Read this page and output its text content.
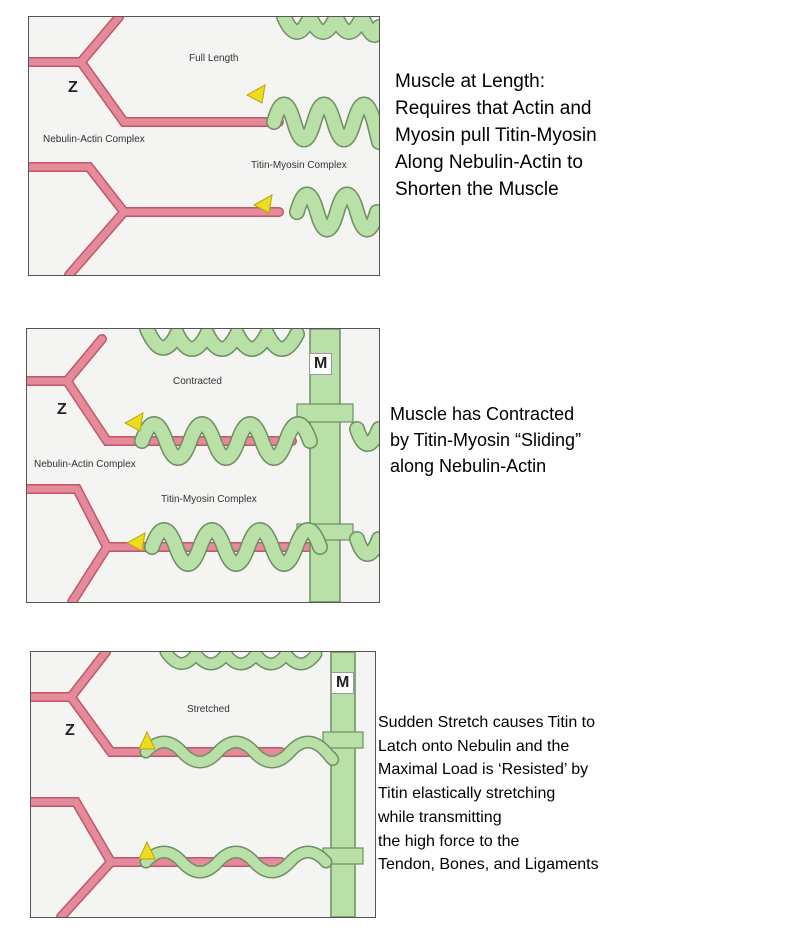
Z
Full Length
Nebulin-Actin Complex
Titin-Myosin Complex
Muscle at Length:
Requires that Actin and
Myosin pull Titin-Myosin
Along Nebulin-Actin to
Shorten the Muscle
M
Z
Contracted
Nebulin-Actin Complex
Titin-Myosin Complex
Muscle has Contracted
by Titin-Myosin “Sliding”
along Nebulin-Actin
M
Z
Stretched
Sudden Stretch causes Titin to
Latch onto Nebulin and the
Maximal Load is ‘Resisted’ by
Titin elastically stretching
while transmitting
the high force to the
Tendon, Bones, and Ligaments
